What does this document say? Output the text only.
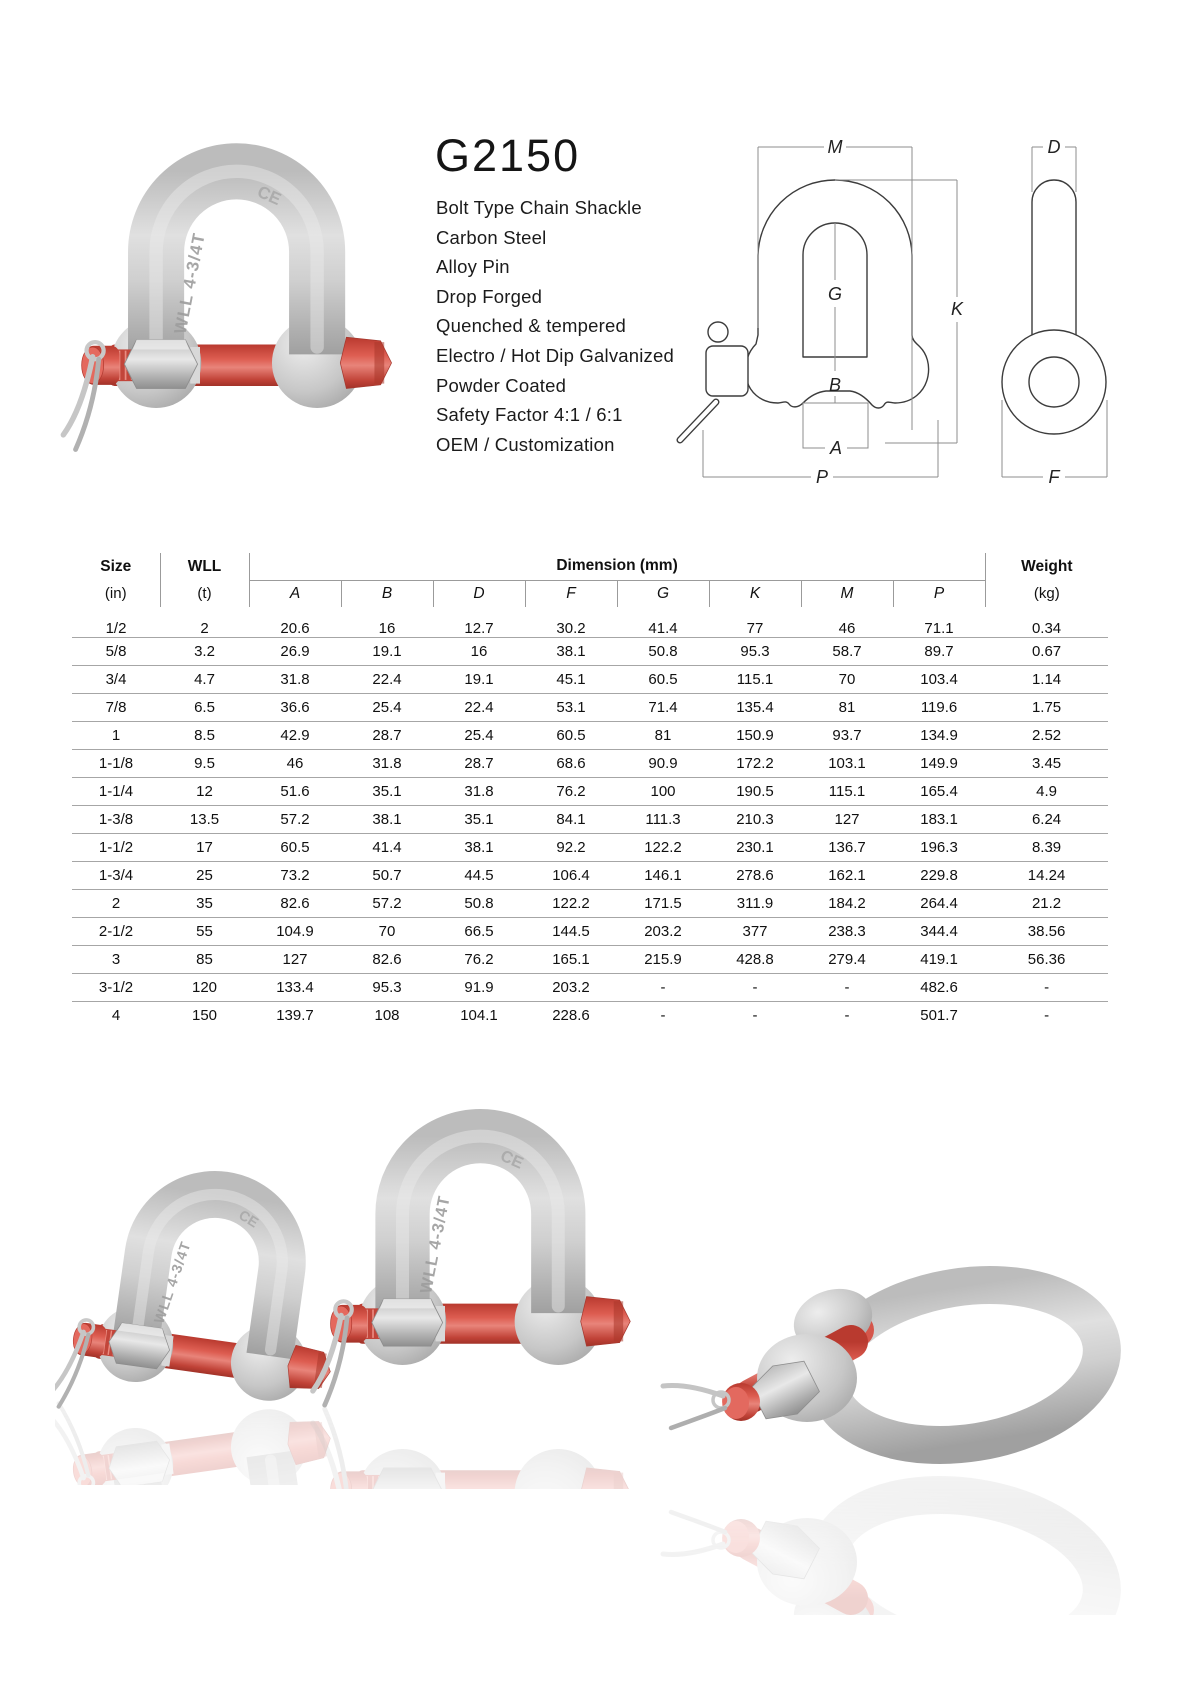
WLL 4-3/4T
G2150
Bolt Type Chain Shackle
Carbon Steel
Alloy Pin
Drop Forged
Quenched & tempered
Electro / Hot Dip Galvanized
Powder Coated
Safety Factor 4:1 / 6:1
OEM / Customization
M
K
G
B
A
P
D
F
Size	WLL	Dimension (mm)								Weight
(in)	(t)	A	B	D	F	G	K	M	P	(kg)
1/2	2	20.6	16	12.7	30.2	41.4	77	46	71.1	0.34
5/8	3.2	26.9	19.1	16	38.1	50.8	95.3	58.7	89.7	0.67
3/4	4.7	31.8	22.4	19.1	45.1	60.5	115.1	70	103.4	1.14
7/8	6.5	36.6	25.4	22.4	53.1	71.4	135.4	81	119.6	1.75
1	8.5	42.9	28.7	25.4	60.5	81	150.9	93.7	134.9	2.52
1-1/8	9.5	46	31.8	28.7	68.6	90.9	172.2	103.1	149.9	3.45
1-1/4	12	51.6	35.1	31.8	76.2	100	190.5	115.1	165.4	4.9
1-3/8	13.5	57.2	38.1	35.1	84.1	111.3	210.3	127	183.1	6.24
1-1/2	17	60.5	41.4	38.1	92.2	122.2	230.1	136.7	196.3	8.39
1-3/4	25	73.2	50.7	44.5	106.4	146.1	278.6	162.1	229.8	14.24
2	35	82.6	57.2	50.8	122.2	171.5	311.9	184.2	264.4	21.2
2-1/2	55	104.9	70	66.5	144.5	203.2	377	238.3	344.4	38.56
3	85	127	82.6	76.2	165.1	215.9	428.8	279.4	419.1	56.36
3-1/2	120	133.4	95.3	91.9	203.2	-	-	-	482.6	-
4	150	139.7	108	104.1	228.6	-	-	-	501.7	-
